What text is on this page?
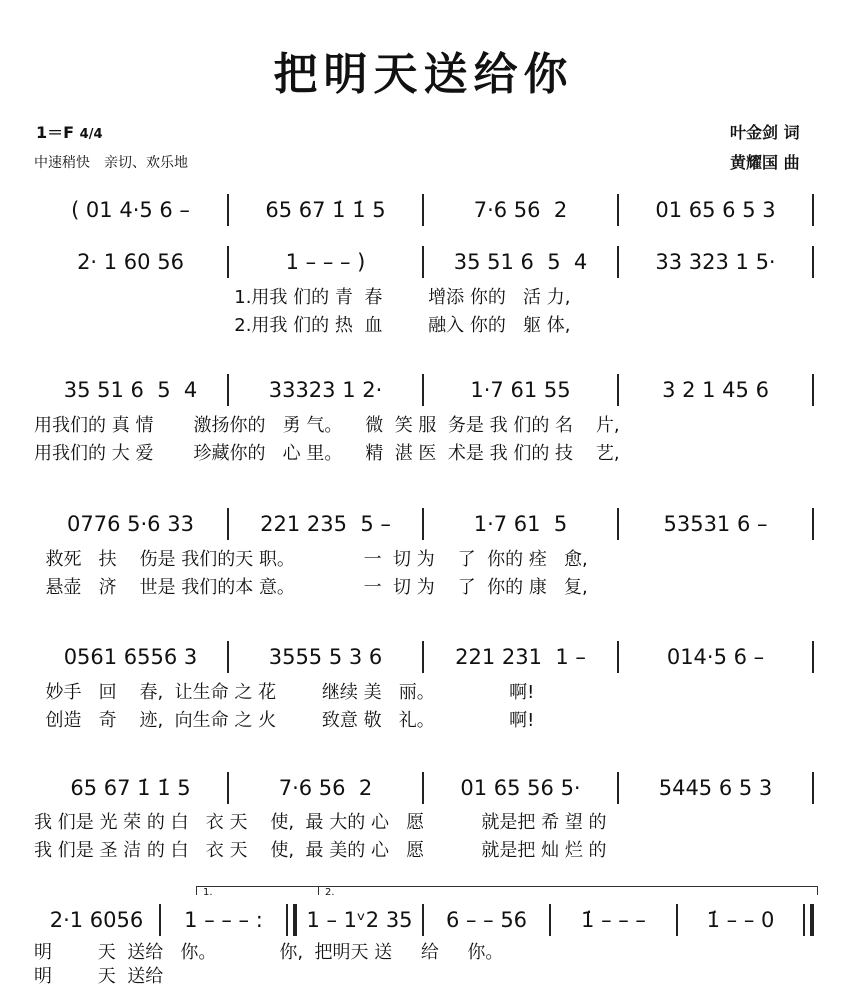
把明天送给你
1＝F 4/4
中速稍快　亲切、欢乐地
叶金剑 词
黄耀国 曲
1.	2.
( 01 4·5 6 –	65 67 1̇ 1̇ 5	7·6 56  2	01 65 6 5 3
2· 1 60 56	1 – – – )	35 51 6  5  4	33 323 1 5·
35 51 6  5  4	33323 1 2·	1·7 61 55	3 2 1 45 6
0776 5·6 33	221 235  5 –	1·7 61  5	53531 6 –
0561 6556 3	3555 5 3 6	221 231  1 –	014·5 6 –
65 67 1̇ 1̇ 5	7·6 56  2	01 65 56 5·	5445 6 5 3
2·1 6056	1 – – – :	1 – 1ᵛ2 35	6 – – 56	1̇ – – –	1̇ – – 0
1.用我 们的 青  春        增添 你的   活 力,
2.用我 们的 热  血        融入 你的   躯 体,
用我们的 真 情       激扬你的   勇 气。    微  笑 服  务是 我 们的 名    片,
用我们的 大 爱       珍藏你的   心 里。    精  湛 医  术是 我 们的 技    艺,
救死   扶    伤是 我们的天 职。            一  切 为    了  你的 痊   愈,
悬壶   济    世是 我们的本 意。            一  切 为    了  你的 康   复,
妙手   回    春,  让生命 之 花        继续 美   丽。             啊!
创造   奇    迹,  向生命 之 火        致意 敬   礼。             啊!
我 们是 光 荣 的 白   衣 天    使,  最 大的 心   愿          就是把 希 望 的
我 们是 圣 洁 的 白   衣 天    使,  最 美的 心   愿          就是把 灿 烂 的
明        天  送给   你。           你,  把明天 送     给     你。
明        天  送给
